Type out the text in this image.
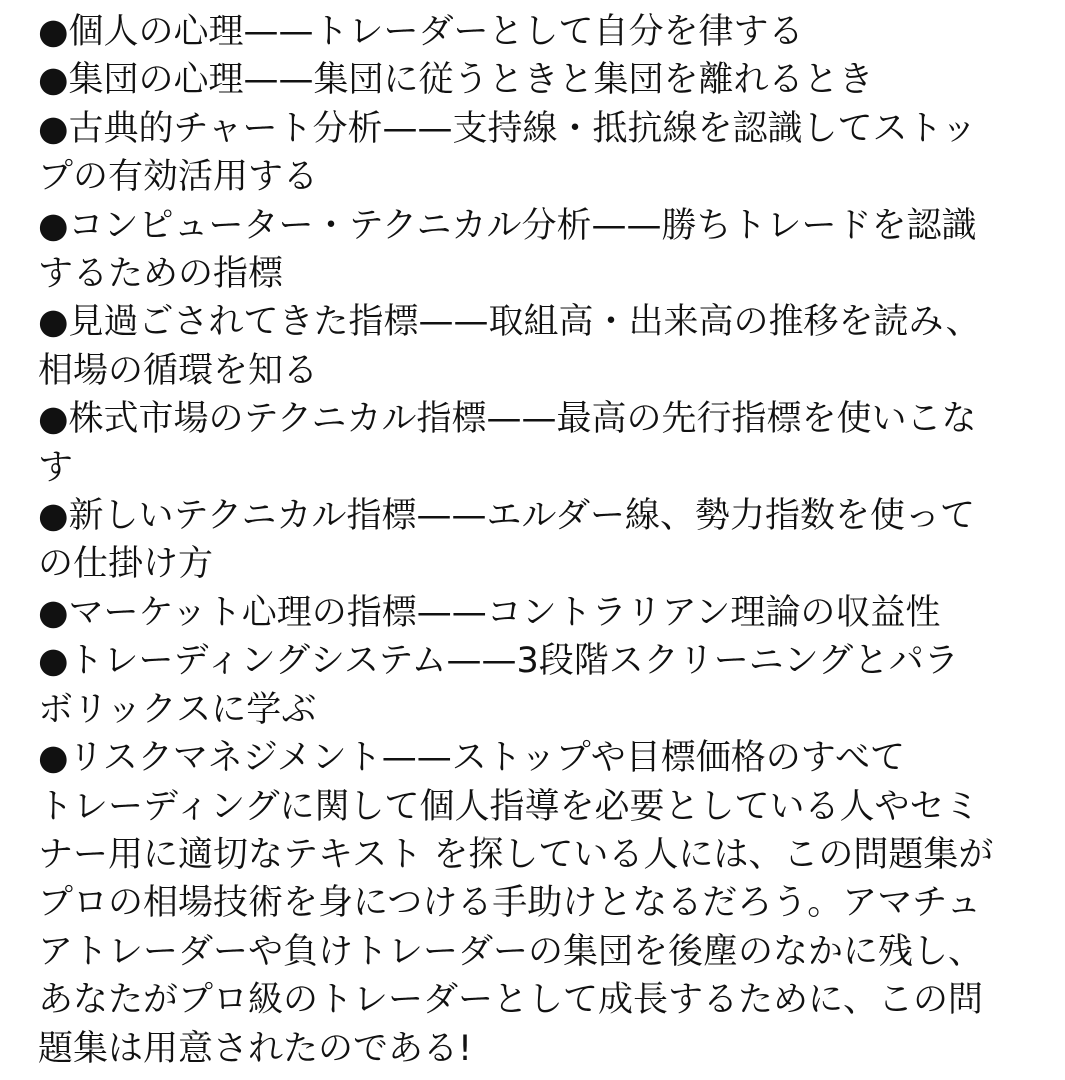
●個人の心理——トレーダーとして自分を律する
●集団の心理——集団に従うときと集団を離れるとき
●古典的チャート分析——支持線・抵抗線を認識してストッ
プの有効活用する
●コンピューター・テクニカル分析——勝ちトレードを認識
するための指標
●見過ごされてきた指標——取組高・出来高の推移を読み、
相場の循環を知る
●株式市場のテクニカル指標——最高の先行指標を使いこな
す
●新しいテクニカル指標——エルダー線、勢力指数を使って
の仕掛け方
●マーケット心理の指標——コントラリアン理論の収益性
●トレーディングシステム——3段階スクリーニングとパラ
ボリックスに学ぶ
●リスクマネジメント——ストップや目標価格のすべて
トレーディングに関して個人指導を必要としている人やセミ
ナー用に適切なテキスト を探している人には、この問題集が
プロの相場技術を身につける手助けとなるだろう。アマチュ
アトレーダーや負けトレーダーの集団を後塵のなかに残し、
あなたがプロ級のトレーダーとして成長するために、この問
題集は用意されたのである!
